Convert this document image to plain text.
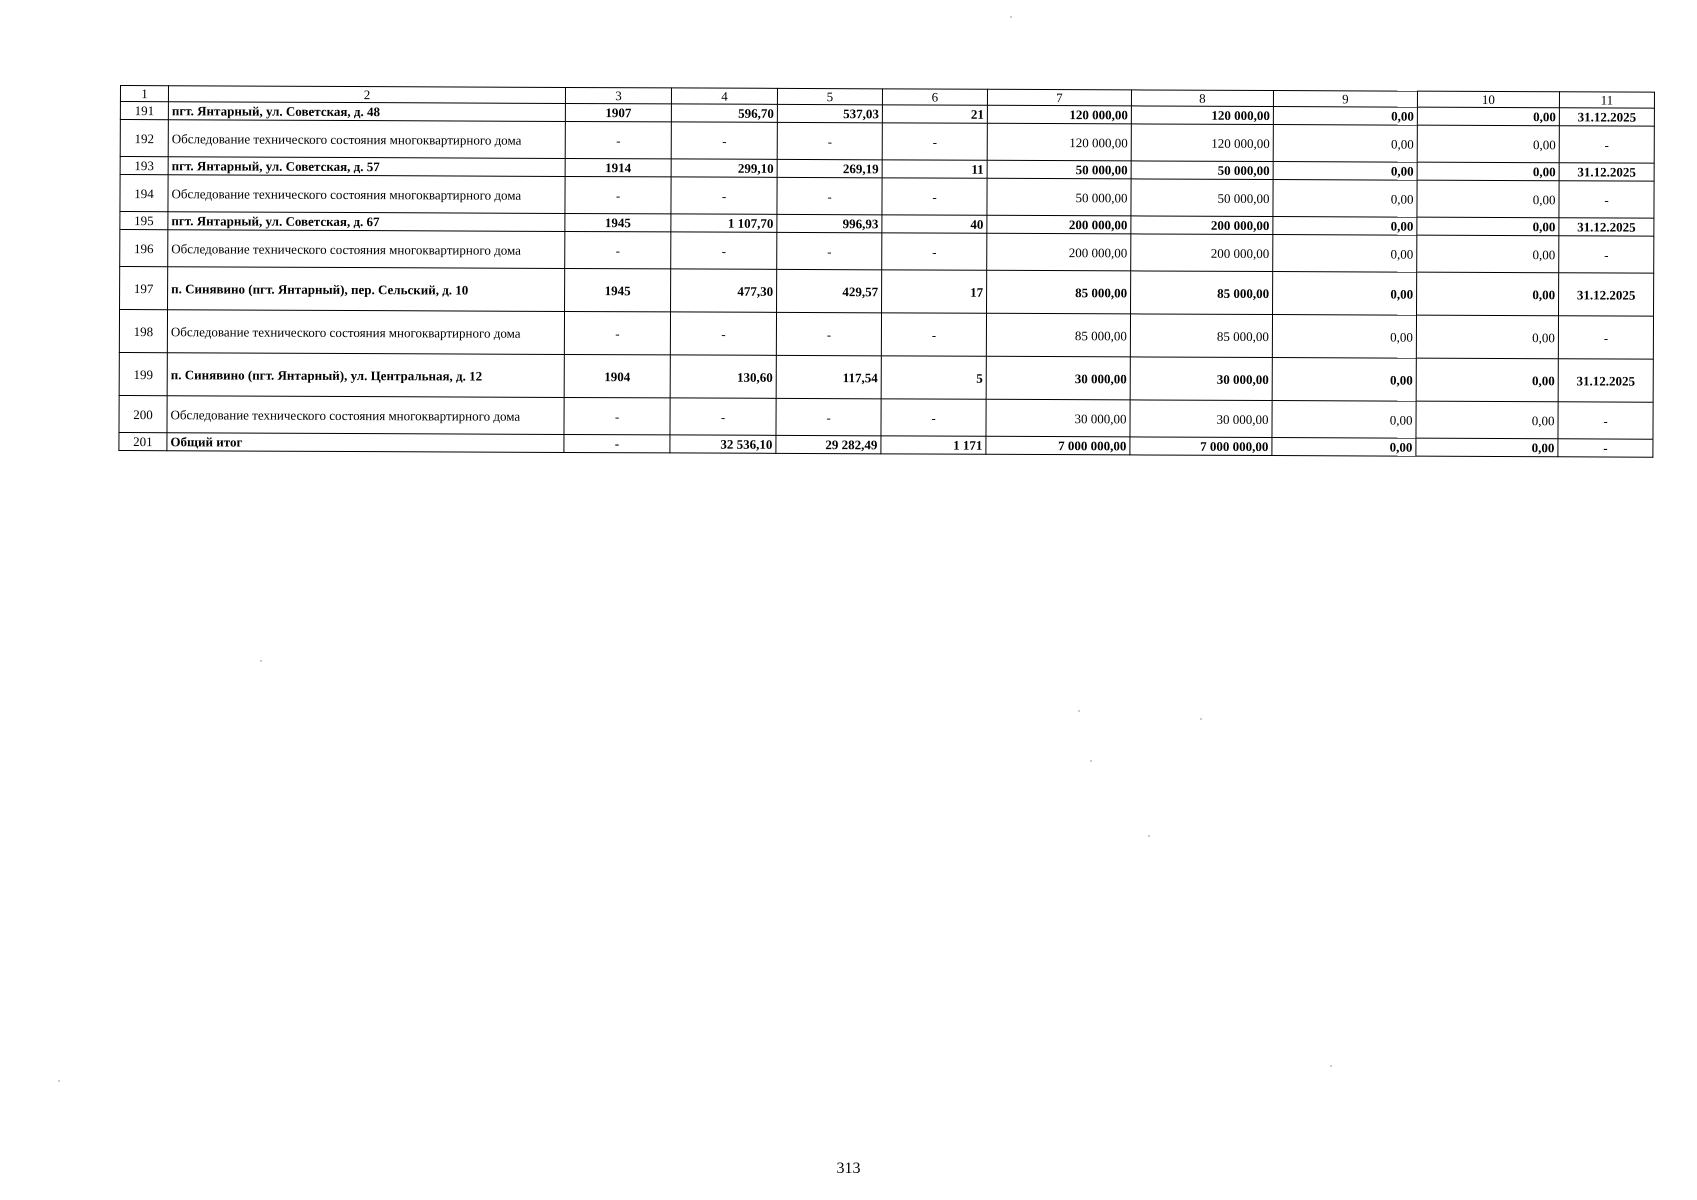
1	2	3	4	5	6	7	8	9	10	11
191	пгт. Янтарный, ул. Советская, д. 48	1907	596,70	537,03	21	120 000,00	120 000,00	0,00	0,00	31.12.2025
192	Обследование технического состояния многоквартирного дома	-	-	-	-	120 000,00	120 000,00	0,00	0,00	-
193	пгт. Янтарный, ул. Советская, д. 57	1914	299,10	269,19	11	50 000,00	50 000,00	0,00	0,00	31.12.2025
194	Обследование технического состояния многоквартирного дома	-	-	-	-	50 000,00	50 000,00	0,00	0,00	-
195	пгт. Янтарный, ул. Советская, д. 67	1945	1 107,70	996,93	40	200 000,00	200 000,00	0,00	0,00	31.12.2025
196	Обследование технического состояния многоквартирного дома	-	-	-	-	200 000,00	200 000,00	0,00	0,00	-
197	п. Синявино (пгт. Янтарный), пер. Сельский, д. 10	1945	477,30	429,57	17	85 000,00	85 000,00	0,00	0,00	31.12.2025
198	Обследование технического состояния многоквартирного дома	-	-	-	-	85 000,00	85 000,00	0,00	0,00	-
199	п. Синявино (пгт. Янтарный), ул. Центральная, д. 12	1904	130,60	117,54	5	30 000,00	30 000,00	0,00	0,00	31.12.2025
200	Обследование технического состояния многоквартирного дома	-	-	-	-	30 000,00	30 000,00	0,00	0,00	-
201	Общий итог	-	32 536,10	29 282,49	1 171	7 000 000,00	7 000 000,00	0,00	0,00	-
313
